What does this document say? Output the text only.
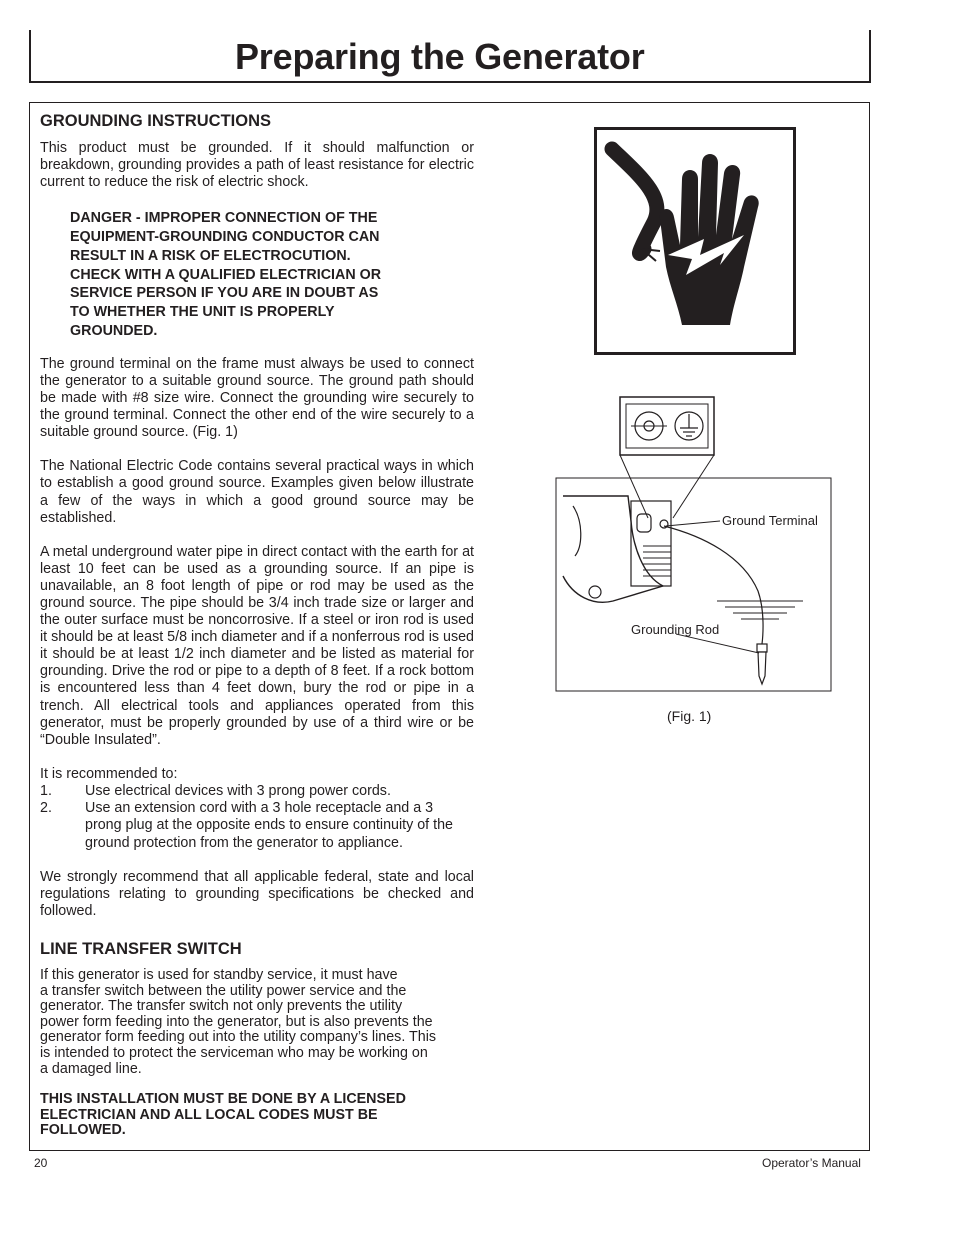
Preparing the Generator
GROUNDING INSTRUCTIONS

This product must be grounded. If it should malfunction or breakdown, grounding provides a path of least resistance for electric current to reduce the risk of electric shock.

DANGER - IMPROPER CONNECTION OF THE
EQUIPMENT-GROUNDING CONDUCTOR CAN
RESULT IN A RISK OF ELECTROCUTION.
CHECK WITH A QUALIFIED ELECTRICIAN OR
SERVICE PERSON IF YOU ARE IN DOUBT AS
TO WHETHER THE UNIT IS PROPERLY
GROUNDED.

The ground terminal on the frame must always be used to connect the generator to a suitable ground source. The ground path should be made with #8 size wire. Connect the grounding wire securely to the ground terminal. Connect the other end of the wire securely to a suitable ground source. (Fig. 1)

The National Electric Code contains several practical ways in which to establish a good ground source. Examples given below illustrate a few of the ways in which a good ground source may be established.

A metal underground water pipe in direct contact with the earth for at least 10 feet can be used as a grounding source. If an pipe is unavailable, an 8 foot length of pipe or rod may be used as the ground source. The pipe should be 3/4 inch trade size or larger and the outer surface must be noncorrosive. If a steel or iron rod is used it should be at least 5/8 inch diameter and if a nonferrous rod is used it should be at least 1/2 inch diameter and be listed as material for grounding. Drive the rod or pipe to a depth of 8 feet. If a rock bottom is encountered less than 4 feet down, bury the rod or pipe in a trench. All electrical tools and appliances operated from this generator, must be properly grounded by use of a third wire or be “Double Insulated”.

It is recommended to:

1.	Use electrical devices with 3 prong power cords.
2.	Use an extension cord with a 3 hole receptacle and a 3 prong plug at the opposite ends to ensure continuity of the ground protection from the generator to appliance.

We strongly recommend that all applicable federal, state and local regulations relating to grounding specifications be checked and followed.

LINE TRANSFER SWITCH
If this generator is used for standby service, it must have
a transfer switch between the utility power service and the
generator. The transfer switch not only prevents the utility
power form feeding into the generator, but is also prevents the
generator form feeding out into the utility company’s lines. This
is intended to protect the serviceman who may be working on
a damaged line.
THIS INSTALLATION MUST BE DONE BY A LICENSED
ELECTRICIAN AND ALL LOCAL CODES MUST BE
FOLLOWED.
Ground Terminal
Grounding Rod
(Fig. 1)
20	Operator’s Manual
